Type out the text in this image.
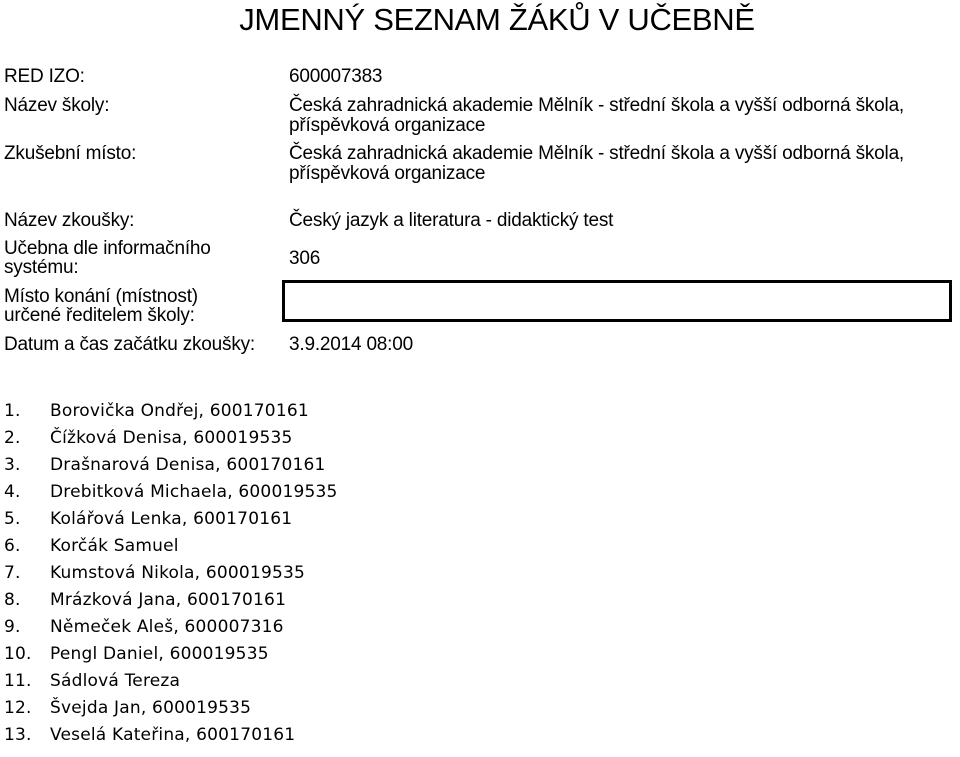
JMENNÝ SEZNAM ŽÁKŮ V UČEBNĚ
RED IZO:	600007383
Název školy:	Česká zahradnická akademie Mělník - střední škola a vyšší odborná škola,
příspěvková organizace
Zkušební místo:	Česká zahradnická akademie Mělník - střední škola a vyšší odborná škola,
příspěvková organizace
Název zkoušky:	Český jazyk a literatura - didaktický test
Učebna dle informačního
systému:	306
Místo konání (místnost)
určené ředitelem školy:
Datum a čas začátku zkoušky: 3.9.2014 08:00
1. Borovička Ondřej, 600170161
2. Čížková Denisa, 600019535
3. Drašnarová Denisa, 600170161
4. Drebitková Michaela, 600019535
5. Kolářová Lenka, 600170161
6. Korčák Samuel
7. Kumstová Nikola, 600019535
8. Mrázková Jana, 600170161
9. Němeček Aleš, 600007316
10. Pengl Daniel, 600019535
11. Sádlová Tereza
12. Švejda Jan, 600019535
13. Veselá Kateřina, 600170161
